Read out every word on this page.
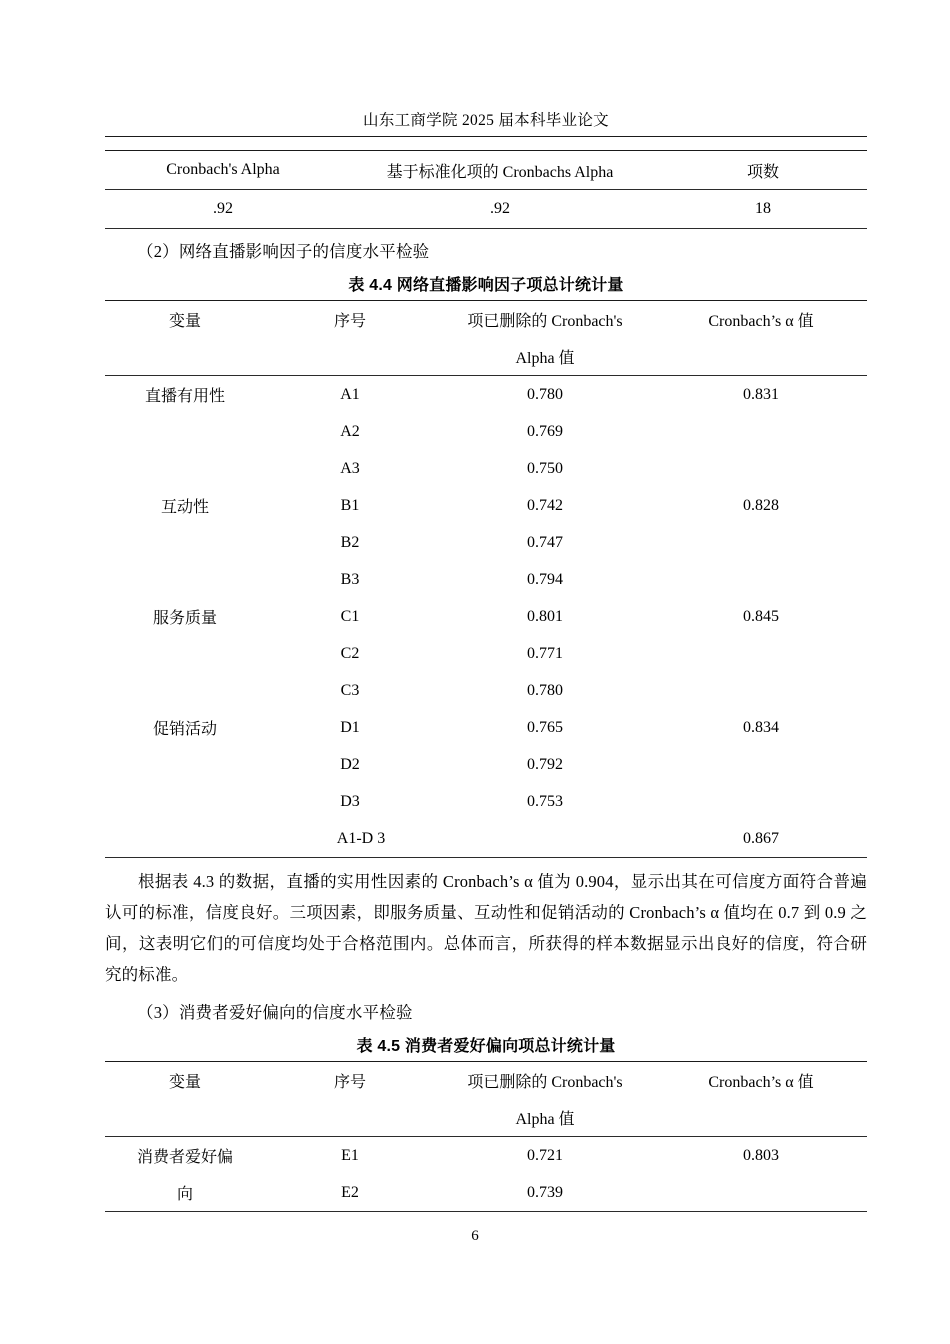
山东工商学院 2025 届本科毕业论文
Cronbach's Alpha	基于标准化项的 Cronbachs Alpha	项数
.92	.92	18

（2）网络直播影响因子的信度水平检验
表 4.4 网络直播影响因子项总计统计量
变量	序号	项已删除的 Cronbach's	Cronbach’s α 值
		Alpha 值	
直播有用性	A1	0.780	0.831
	A2	0.769	
	A3	0.750	
互动性	B1	0.742	0.828
	B2	0.747	
	B3	0.794	
服务质量	C1	0.801	0.845
	C2	0.771	
	C3	0.780	
促销活动	D1	0.765	0.834
	D2	0.792	
	D3	0.753	
	A1-D 3		0.867

根据表 4.3 的数据，直播的实用性因素的 Cronbach’s α 值为 0.904，显示出其在可信度方面符合普遍认可的标准，信度良好。三项因素，即服务质量、互动性和促销活动的 Cronbach’s α 值均在 0.7 到 0.9 之间，这表明它们的可信度均处于合格范围内。总体而言，所获得的样本数据显示出良好的信度，符合研究的标准。
（3）消费者爱好偏向的信度水平检验
表 4.5 消费者爱好偏向项总计统计量
变量	序号	项已删除的 Cronbach's	Cronbach’s α 值
		Alpha 值	
消费者爱好偏	E1	0.721	0.803
向	E2	0.739	

6
